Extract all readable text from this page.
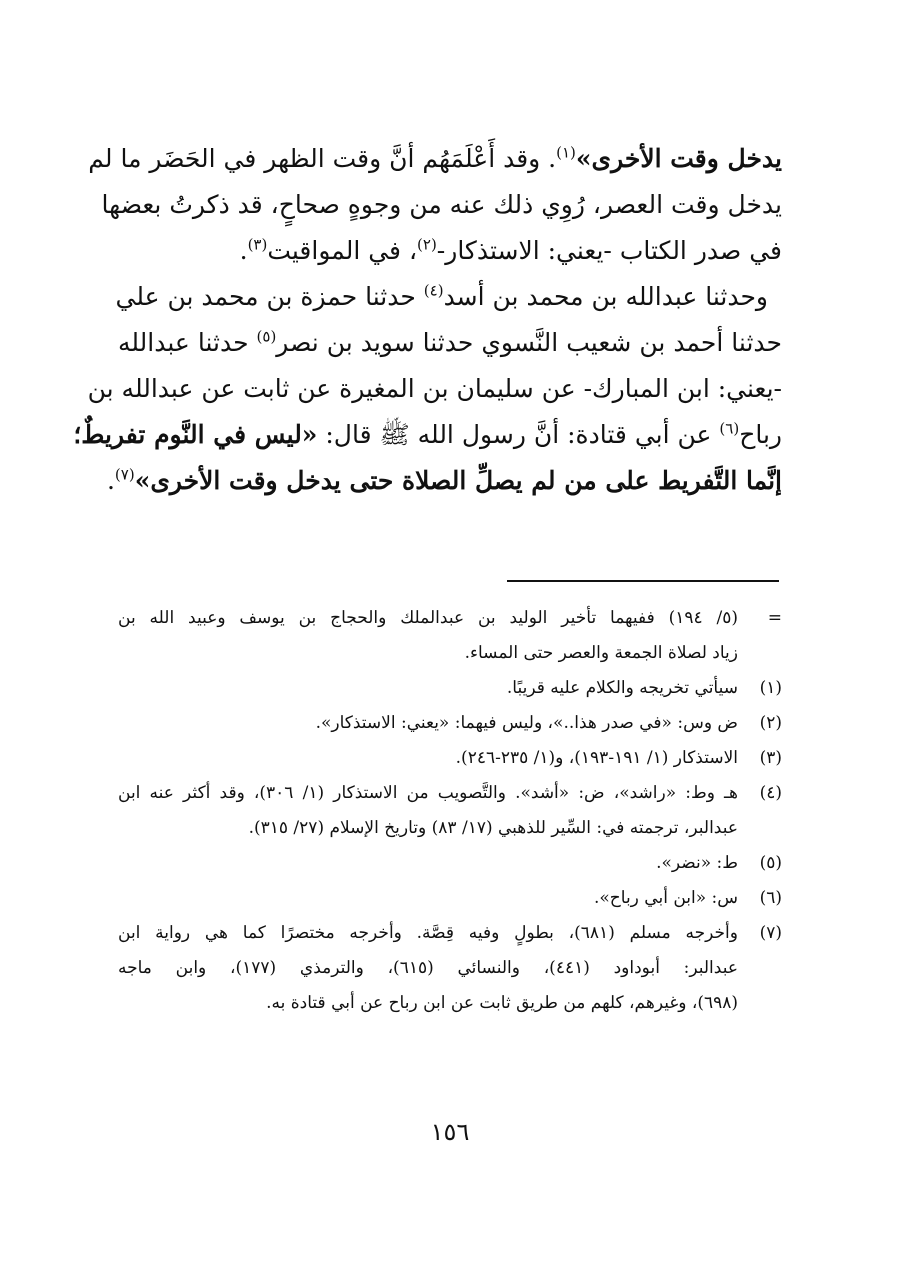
يدخل وقت الأخرى»$^{(١)}$. وقد أَعْلَمَهُم أنَّ وقت الظهر في الحَضَر ما لم
يدخل وقت العصر، رُوِي ذلك عنه من وجوهٍ صحاحٍ، قد ذكرتُ بعضها
في صدر الكتاب -يعني: الاستذكار-$^{(٢)}$، في المواقيت$^{(٣)}$.
وحدثنا عبدالله بن محمد بن أسد$^{(٤)}$ حدثنا حمزة بن محمد بن علي
حدثنا أحمد بن شعيب النَّسوي حدثنا سويد بن نصر$^{(٥)}$ حدثنا عبدالله
-يعني: ابن المبارك- عن سليمان بن المغيرة عن ثابت عن عبدالله بن
رباح$^{(٦)}$ عن أبي قتادة: أنَّ رسول الله ﷺ قال: «ليس في النَّوم تفريطٌ؛
إنَّما التَّفريط على من لم يصلِّ الصلاة حتى يدخل وقت الأخرى»$^{(٧)}$.
=(٥/ ١٩٤) ففيهما تأخير الوليد بن عبدالملك والحجاج بن يوسف وعبيد الله بن
زياد لصلاة الجمعة والعصر حتى المساء.
(١)سيأتي تخريجه والكلام عليه قريبًا.
(٢)ض وس: «في صدر هذا..»، وليس فيهما: «يعني: الاستذكار».
(٣)الاستذكار (١/ ١٩١-١٩٣)، و(١/ ٢٣٥-٢٤٦).
(٤)هـ وط: «راشد»، ض: «أشد». والتَّصويب من الاستذكار (١/ ٣٠٦)، وقد أكثر عنه ابن
عبدالبر، ترجمته في: السِّير للذهبي (١٧/ ٨٣) وتاريخ الإسلام (٢٧/ ٣١٥).
(٥)ط: «نضر».
(٦)س: «ابن أبي رباح».
(٧)وأخرجه مسلم (٦٨١)، بطولٍ وفيه قِصَّة. وأخرجه مختصرًا كما هي رواية ابن
عبدالبر: أبوداود (٤٤١)، والنسائي (٦١٥)، والترمذي (١٧٧)، وابن ماجه
(٦٩٨)، وغيرهم، كلهم من طريق ثابت عن ابن رباح عن أبي قتادة به.
١٥٦
